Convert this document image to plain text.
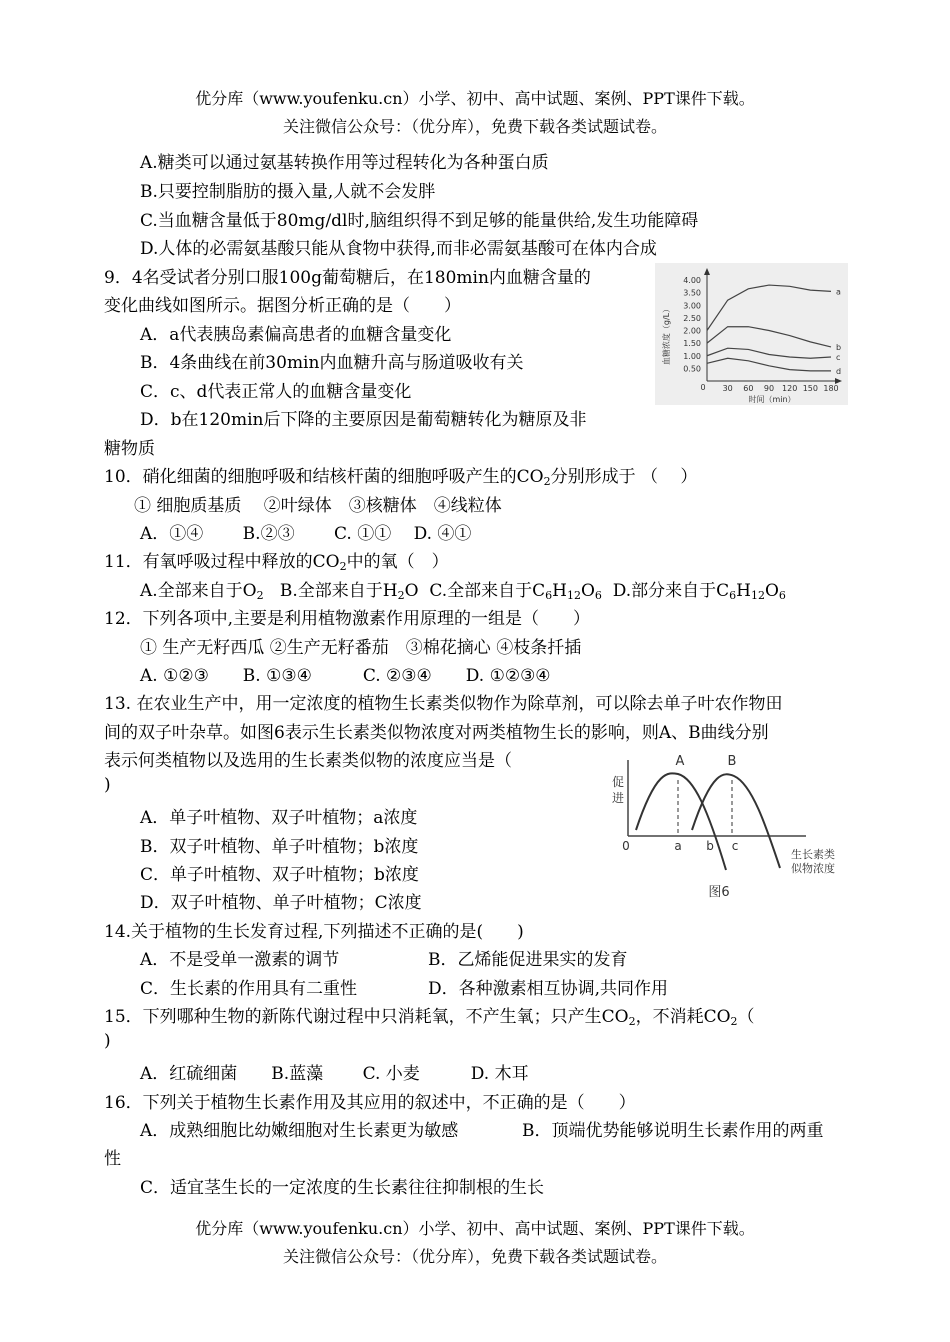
优分库（www.youfenku.cn）小学、初中、高中试题、案例、PPT课件下载。
关注微信公众号：（优分库），免费下载各类试题试卷。
A.糖类可以通过氨基转换作用等过程转化为各种蛋白质
B.只要控制脂肪的摄入量,人就不会发胖
C.当血糖含量低于80mg/dl时,脑组织得不到足够的能量供给,发生功能障碍
D.人体的必需氨基酸只能从食物中获得,而非必需氨基酸可在体内合成
9．4名受试者分别口服100g葡萄糖后，在180min内血糖含量的
变化曲线如图所示。据图分析正确的是（　　）
A．a代表胰岛素偏高患者的血糖含量变化
B．4条曲线在前30min内血糖升高与肠道吸收有关
C．c、d代表正常人的血糖含量变化
D．b在120min后下降的主要原因是葡萄糖转化为糖原及非
糖物质
0.50
1.00
1.50
2.00
2.50
3.00
3.50
4.00
30 60 90 120 150 180
a
b
c
d
0
血糖浓度（g/L）
时间（min）
10．硝化细菌的细胞呼吸和结核杆菌的细胞呼吸产生的$CO_2$分别形成于 （　 ）
① 细胞质基质　 ②叶绿体　③核糖体　④线粒体
A．①④　　 B.②③　　 C. ①①　 D. ④①
11．有氧呼吸过程中释放的$CO_2$中的氧（　）
A.全部来自于$O_2$ B.全部来自于$H_2O$ C.全部来自于$C_6H_{12}O_6$ D.部分来自于$C_6H_{12}O_6$
12．下列各项中,主要是利用植物激素作用原理的一组是（　　）
① 生产无籽西瓜 ②生产无籽番茄　③棉花摘心 ④枝条扦插
A. ①②③　　B. ①③④　　　C. ②③④　　D. ①②③④
13. 在农业生产中，用一定浓度的植物生长素类似物作为除草剂，可以除去单子叶农作物田
间的双子叶杂草。如图6表示生长素类似物浓度对两类植物生长的影响，则A、B曲线分别
表示何类植物以及选用的生长素类似物的浓度应当是（
)
A．单子叶植物、双子叶植物；a浓度
B．双子叶植物、单子叶植物；b浓度
C．单子叶植物、双子叶植物；b浓度
D．双子叶植物、单子叶植物；C浓度
0
促
进
A	B
a b c
生长素类
似物浓度
图6
14.关于植物的生长发育过程,下列描述不正确的是(　　)
A．不是受单一激素的调节	B．乙烯能促进果实的发育
C．生长素的作用具有二重性	D．各种激素相互协调,共同作用
15．下列哪种生物的新陈代谢过程中只消耗氧，不产生氧；只产生$CO_2$，不消耗$CO_2$（
)
A．红硫细菌　　B.蓝藻　　 C. 小麦　　　D. 木耳
16．下列关于植物生长素作用及其应用的叙述中，不正确的是（　　）
A．成熟细胞比幼嫩细胞对生长素更为敏感	B．顶端优势能够说明生长素作用的两重
性
C．适宜茎生长的一定浓度的生长素往往抑制根的生长
优分库（www.youfenku.cn）小学、初中、高中试题、案例、PPT课件下载。
关注微信公众号：（优分库），免费下载各类试题试卷。
